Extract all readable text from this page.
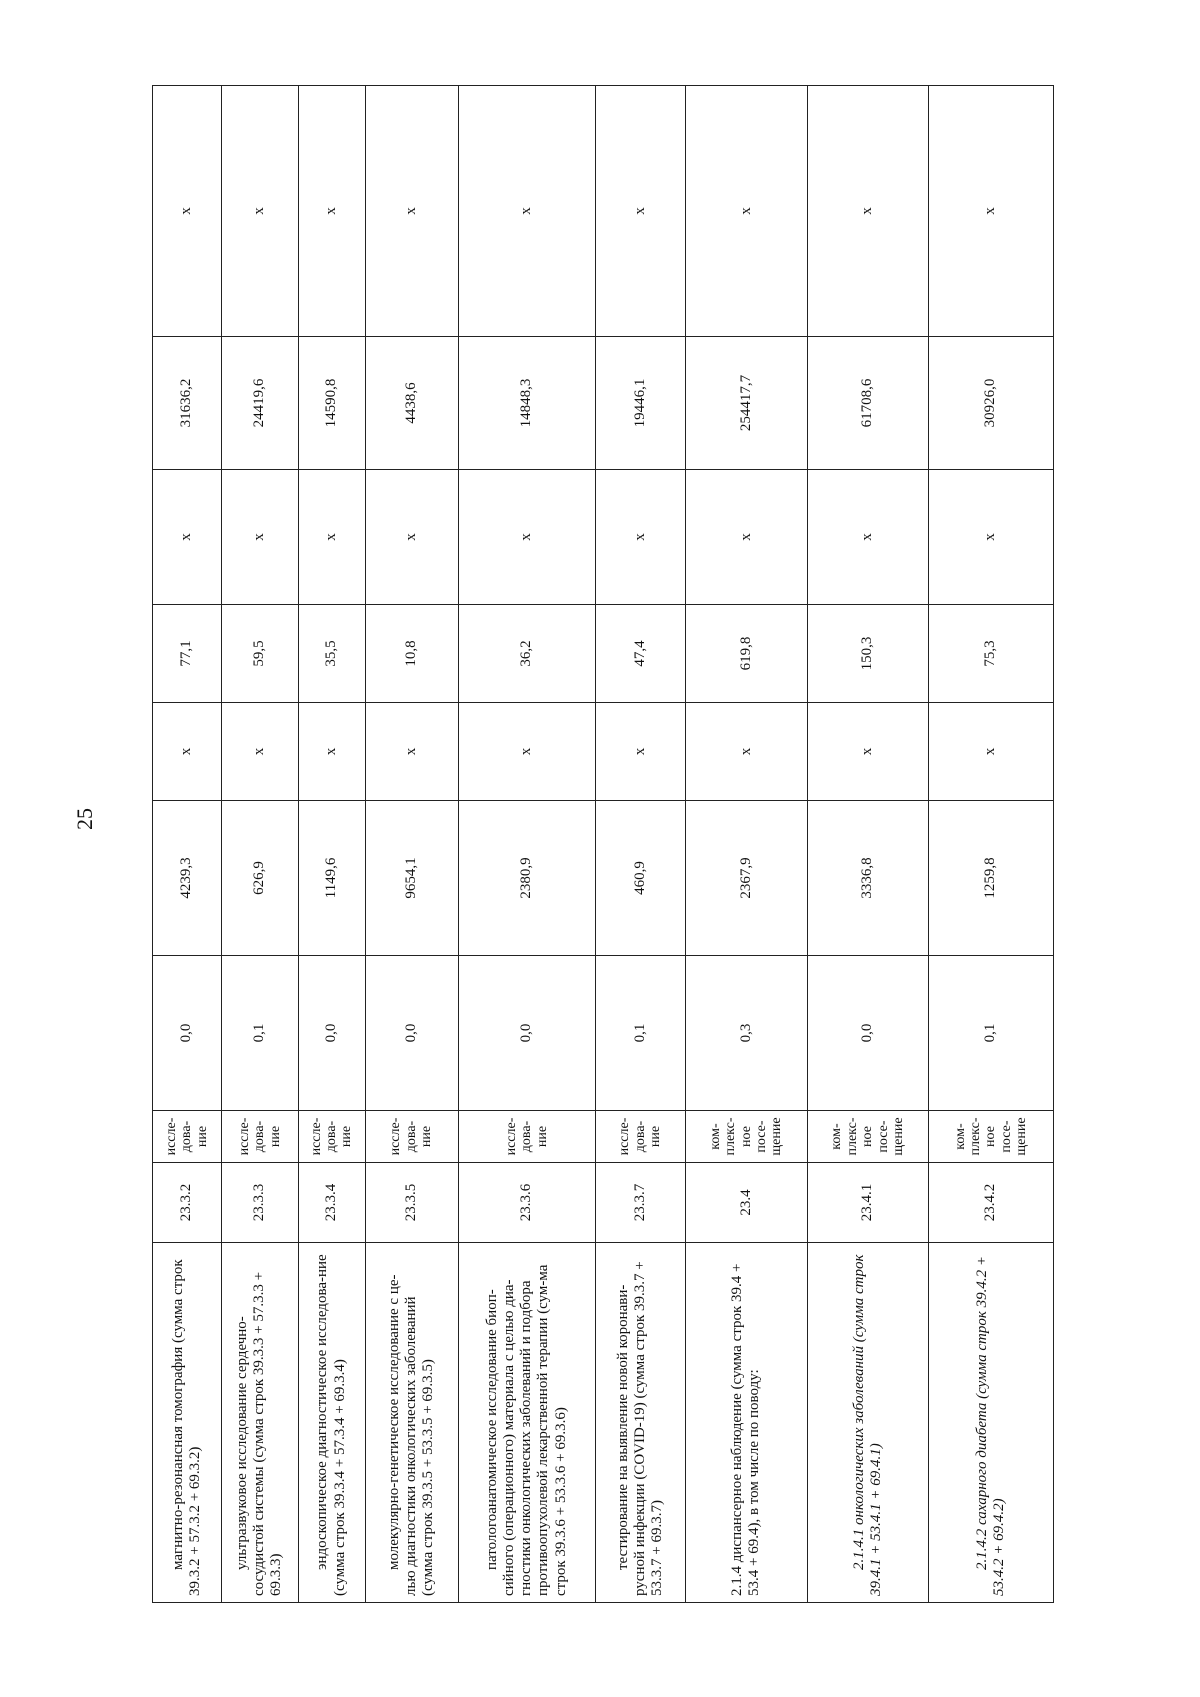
25
магнитно-резонансная томография (сумма строк 39.3.2 + 57.3.2 + 69.3.2)	23.3.2	иссле-дова-ние	0,0	4239,3	х	77,1	х	31636,2	х
ультразвуковое исследование сердечно-сосудистой системы (сумма строк 39.3.3 + 57.3.3 + 69.3.3)	23.3.3	иссле-дова-ние	0,1	626,9	х	59,5	х	24419,6	х
эндоскопическое диагностическое исследова-ние (сумма строк 39.3.4 + 57.3.4 + 69.3.4)	23.3.4	иссле-дова-ние	0,0	1149,6	х	35,5	х	14590,8	х
молекулярно-генетическое исследование с це-лью диагностики онкологических заболеваний (сумма строк 39.3.5 + 53.3.5 + 69.3.5)	23.3.5	иссле-дова-ние	0,0	9654,1	х	10,8	х	4438,6	х
патологоанатомическое исследование биоп-сийного (операционного) материала с целью диа-гностики онкологических заболеваний и подбора противоопухолевой лекарственной терапии (сум-ма строк 39.3.6 + 53.3.6 + 69.3.6)	23.3.6	иссле-дова-ние	0,0	2380,9	х	36,2	х	14848,3	х
тестирование на выявление новой коронави-русной инфекции (COVID-19) (сумма строк 39.3.7 + 53.3.7 + 69.3.7)	23.3.7	иссле-дова-ние	0,1	460,9	х	47,4	х	19446,1	х
2.1.4 диспансерное наблюдение (сумма строк 39.4 + 53.4 + 69.4), в том числе по поводу:	23.4	ком-плекс-ное посе-щение	0,3	2367,9	х	619,8	х	254417,7	х
2.1.4.1 онкологических заболеваний (сумма строк 39.4.1 + 53.4.1 + 69.4.1)	23.4.1	ком-плекс-ное посе-щение	0,0	3336,8	х	150,3	х	61708,6	х
2.1.4.2 сахарного диабета (сумма строк 39.4.2 + 53.4.2 + 69.4.2)	23.4.2	ком-плекс-ное посе-щение	0,1	1259,8	х	75,3	х	30926,0	х
